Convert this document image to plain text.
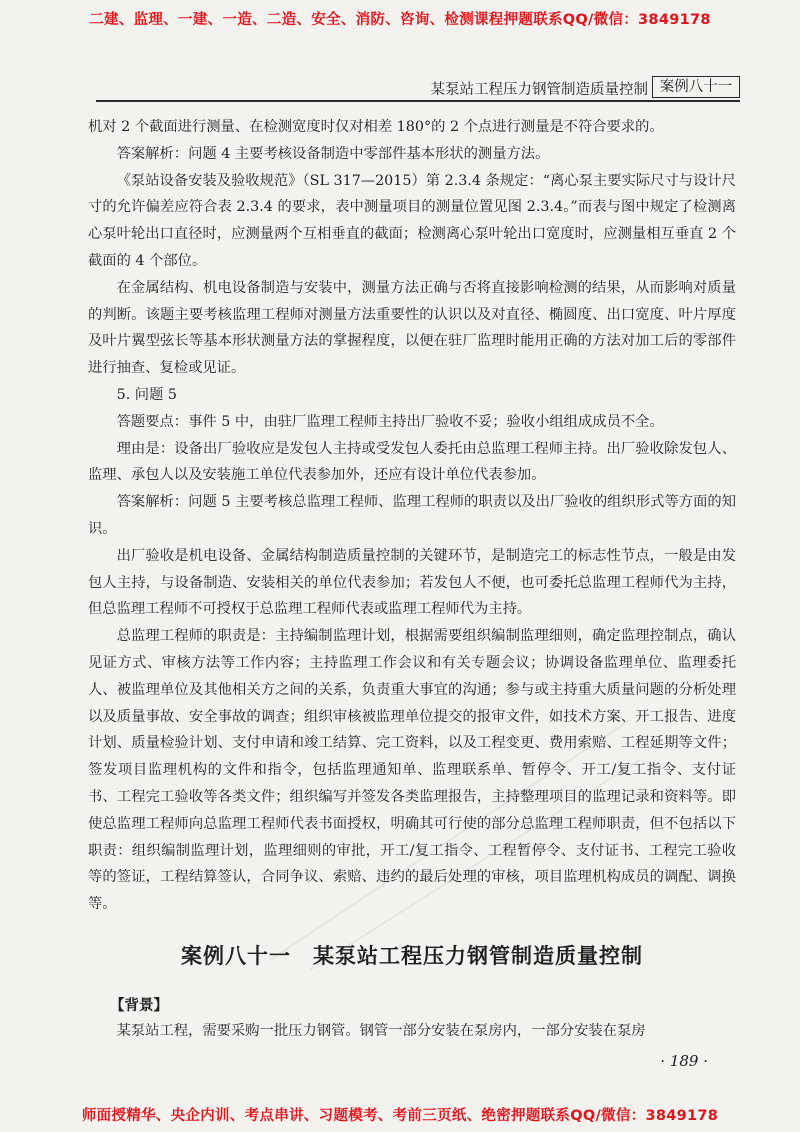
二建、监理、一建、一造、二造、安全、消防、咨询、检测课程押题联系QQ/微信：3849178
某泵站工程压力钢管制造质量控制 案例八十一

机对 2 个截面进行测量、在检测宽度时仅对相差 180°的 2 个点进行测量是不符合要求的。

答案解析：问题 4 主要考核设备制造中零部件基本形状的测量方法。

《泵站设备安装及验收规范》（SL 317—2015）第 2.3.4 条规定：“离心泵主要实际尺寸与设计尺寸的允许偏差应符合表 2.3.4 的要求，表中测量项目的测量位置见图 2.3.4。”而表与图中规定了检测离心泵叶轮出口直径时，应测量两个互相垂直的截面；检测离心泵叶轮出口宽度时，应测量相互垂直 2 个截面的 4 个部位。

在金属结构、机电设备制造与安装中，测量方法正确与否将直接影响检测的结果，从而影响对质量的判断。该题主要考核监理工程师对测量方法重要性的认识以及对直径、椭圆度、出口宽度、叶片厚度及叶片翼型弦长等基本形状测量方法的掌握程度，以便在驻厂监理时能用正确的方法对加工后的零部件进行抽查、复检或见证。

5. 问题 5

答题要点：事件 5 中，由驻厂监理工程师主持出厂验收不妥；验收小组组成成员不全。

理由是：设备出厂验收应是发包人主持或受发包人委托由总监理工程师主持。出厂验收除发包人、监理、承包人以及安装施工单位代表参加外，还应有设计单位代表参加。

答案解析：问题 5 主要考核总监理工程师、监理工程师的职责以及出厂验收的组织形式等方面的知识。

出厂验收是机电设备、金属结构制造质量控制的关键环节，是制造完工的标志性节点，一般是由发包人主持，与设备制造、安装相关的单位代表参加；若发包人不便，也可委托总监理工程师代为主持，但总监理工程师不可授权于总监理工程师代表或监理工程师代为主持。

总监理工程师的职责是：主持编制监理计划，根据需要组织编制监理细则，确定监理控制点，确认见证方式、审核方法等工作内容；主持监理工作会议和有关专题会议；协调设备监理单位、监理委托人、被监理单位及其他相关方之间的关系，负责重大事宜的沟通；参与或主持重大质量问题的分析处理以及质量事故、安全事故的调查；组织审核被监理单位提交的报审文件，如技术方案、开工报告、进度计划、质量检验计划、支付申请和竣工结算、完工资料，以及工程变更、费用索赔、工程延期等文件；签发项目监理机构的文件和指令，包括监理通知单、监理联系单、暂停令、开工/复工指令、支付证书、工程完工验收等各类文件；组织编写并签发各类监理报告，主持整理项目的监理记录和资料等。即使总监理工程师向总监理工程师代表书面授权，明确其可行使的部分总监理工程师职责，但不包括以下职责：组织编制监理计划，监理细则的审批，开工/复工指令、工程暂停令、支付证书、工程完工验收等的签证，工程结算签认，合同争议、索赔、违约的最后处理的审核，项目监理机构成员的调配、调换等。

案例八十一　某泵站工程压力钢管制造质量控制
【背景】
某泵站工程，需要采购一批压力钢管。钢管一部分安装在泵房内，一部分安装在泵房
· 189 ·
师面授精华、央企内训、考点串讲、习题模考、考前三页纸、绝密押题联系QQ/微信：3849178
